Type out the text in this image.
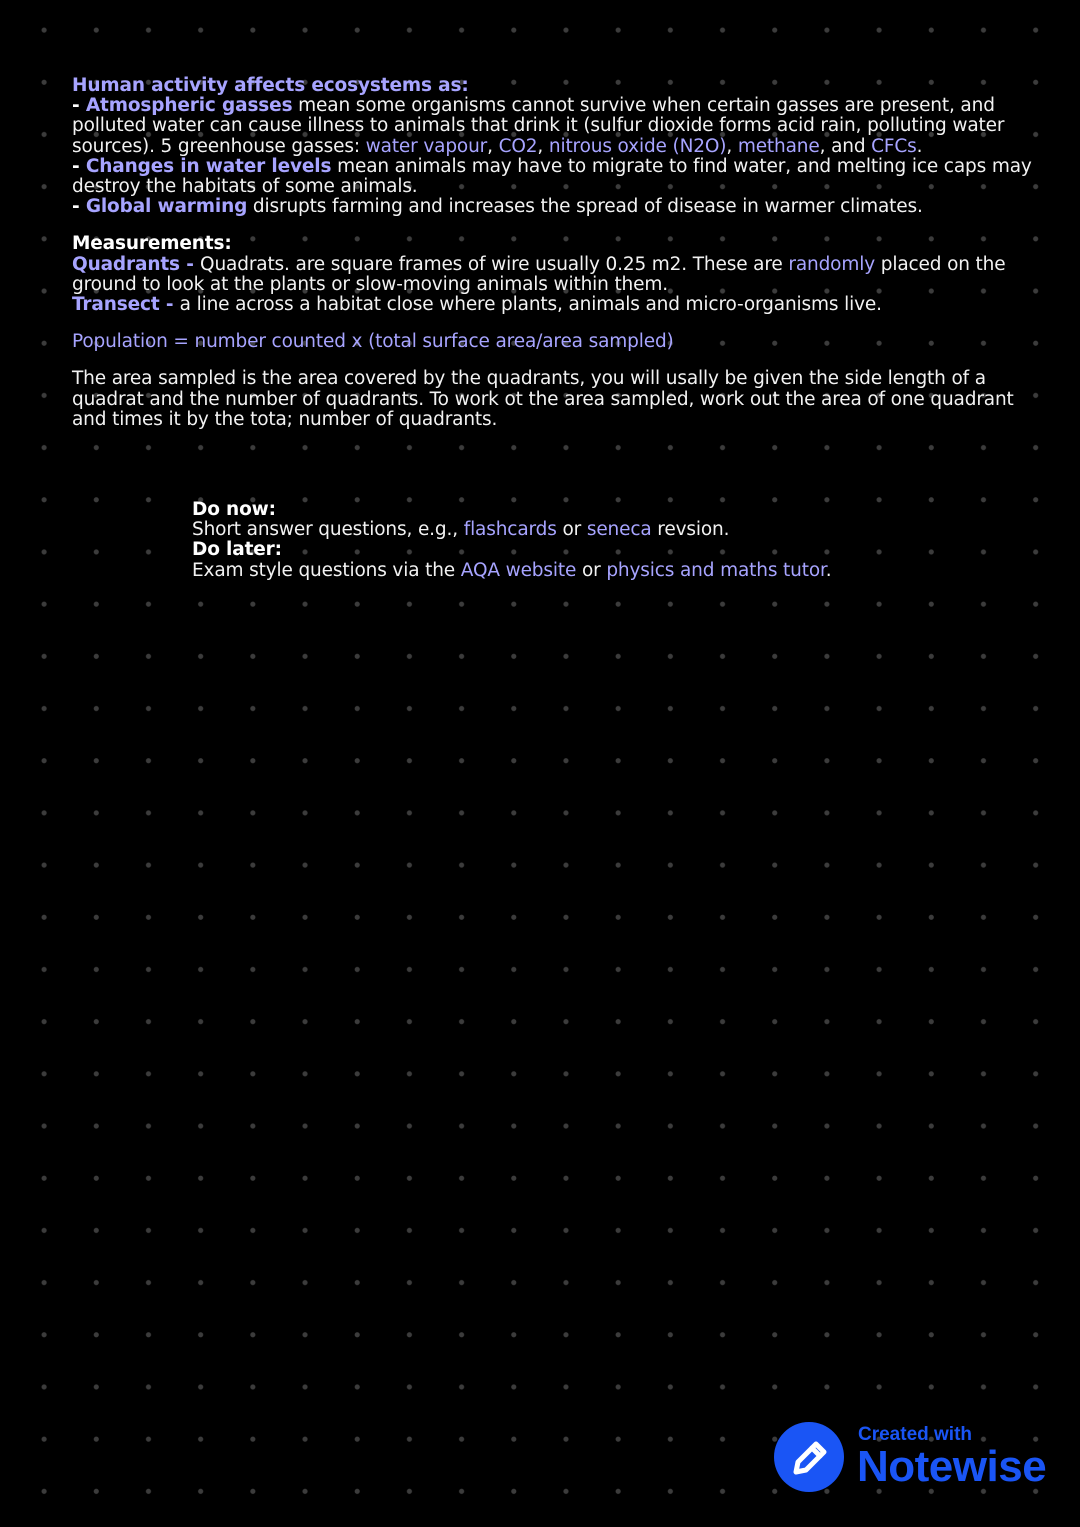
Human activity affects ecosystems as:

- Atmospheric gasses mean some organisms cannot survive when certain gasses are present, and polluted water can cause illness to animals that drink it (sulfur dioxide forms acid rain, polluting water sources). 5 greenhouse gasses: water vapour, CO2, nitrous oxide (N2O), methane, and CFCs.

- Changes in water levels mean animals may have to migrate to find water, and melting ice caps may destroy the habitats of some animals.

- Global warming disrupts farming and increases the spread of disease in warmer climates.

Measurements:

Quadrants - Quadrats. are square frames of wire usually 0.25 m2. These are randomly placed on the ground to look at the plants or slow-moving animals within them.

Transect - a line across a habitat close where plants, animals and micro-organisms live.

Population = number counted x (total surface area/area sampled)

The area sampled is the area covered by the quadrants, you will usally be given the side length of a quadrat and the number of quadrants. To work ot the area sampled, work out the area of one quadrant and times it by the tota; number of quadrants.

Do now:

Short answer questions, e.g., flashcards or seneca revsion.

Do later:

Exam style questions via the AQA website or physics and maths tutor.

Created with
Notewise
